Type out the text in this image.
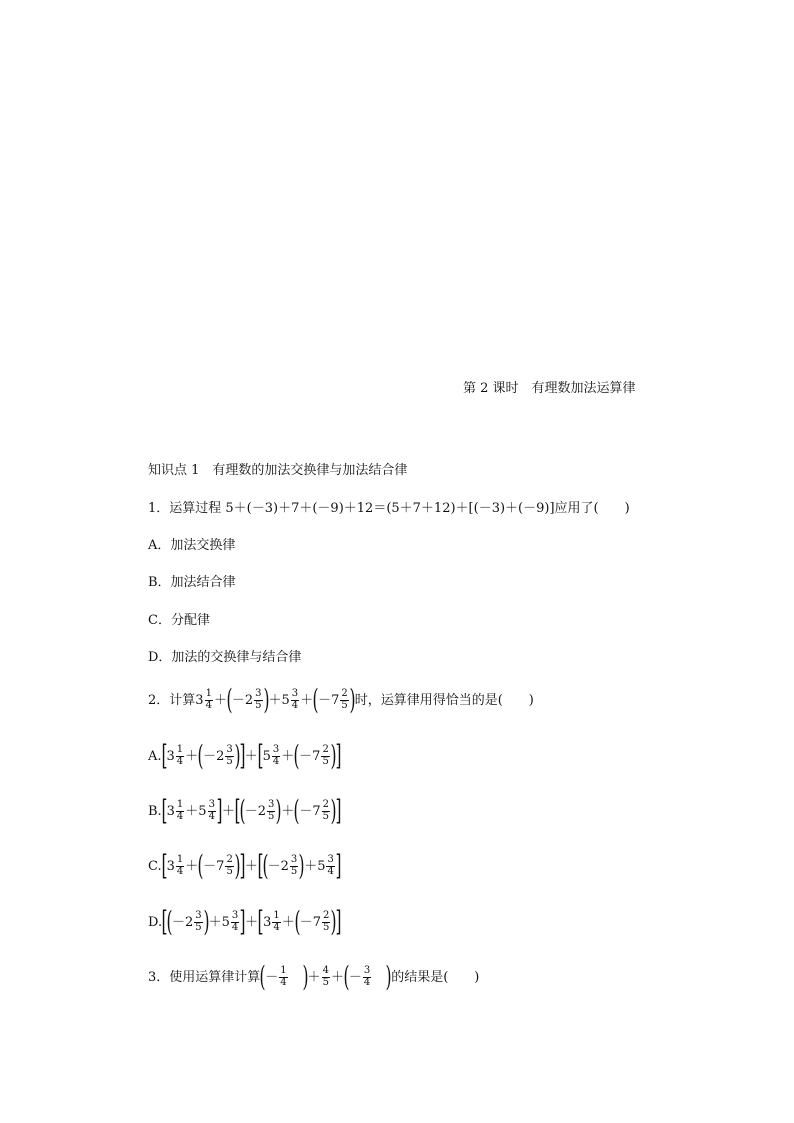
第 2 课时　有理数加法运算律
知识点 1　有理数的加法交换律与加法结合律
1．运算过程 5＋(－3)＋7＋(－9)＋12＝(5＋7＋12)＋[(－3)＋(－9)]应用了(　　)
A．加法交换律
B．加法结合律
C．分配律
D．加法的交换律与结合律
2．计算$3 \frac{1}{4} +(-2 \frac{3}{5} )+5 \frac{3}{4} +(-7 \frac{2}{5}$ )时，运算律用得恰当的是(　　)
$A.[3 \frac{1}{4} +(-2 \frac{3}{5} )]+[5 \frac{3}{4} +(-7 \frac{2}{5}$ )]
$B.[3 \frac{1}{4} +5 \frac{3}{4} ]+[(-2 \frac{3}{5} )+(-7 \frac{2}{5}$ )]
$C.[3 \frac{1}{4} +(-7 \frac{2}{5} )]+[(-2 \frac{3}{5} )+5 \frac{3}{4}$ ]
$D.[(-2 \frac{3}{5} )+5 \frac{3}{4} ]+[3 \frac{1}{4} +(-7 \frac{2}{5}$ )]
3．使用运算律计算(－ $\frac{1}{4}$ )＋ $\frac{4}{5}$ ＋(－ $\frac{3}{4}$ )的结果是(　　)
